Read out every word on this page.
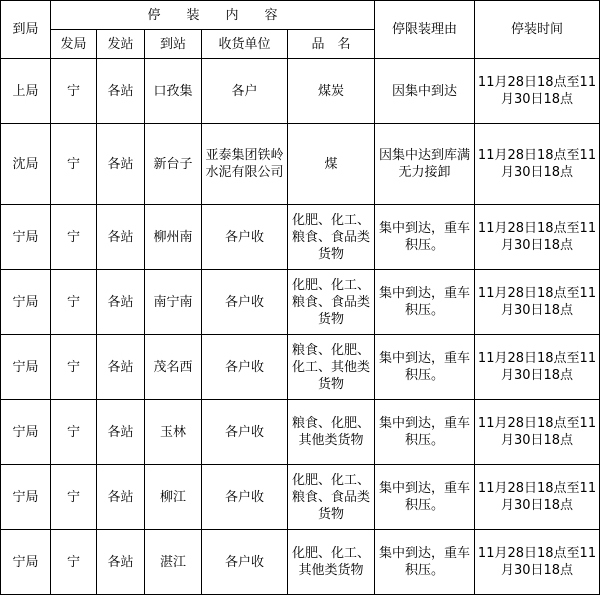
到局	停　　装　　内　　容					停限装理由	停装时间
	发局	发站	到站	收货单位	品　名		
上局	宁	各站	口孜集	各户	煤炭	因集中到达	11月28日18点至11月30日18点
沈局	宁	各站	新台子	亚泰集团铁岭水泥有限公司	煤	因集中达到库满无力接卸	11月28日18点至11月30日18点
宁局	宁	各站	柳州南	各户收	化肥、化工、粮食、食品类货物	集中到达，重车积压。	11月28日18点至11月30日18点
宁局	宁	各站	南宁南	各户收	化肥、化工、粮食、食品类货物	集中到达，重车积压。	11月28日18点至11月30日18点
宁局	宁	各站	茂名西	各户收	粮食、化肥、化工、其他类货物	集中到达，重车积压。	11月28日18点至11月30日18点
宁局	宁	各站	玉林	各户收	粮食、化肥、其他类货物	集中到达，重车积压。	11月28日18点至11月30日18点
宁局	宁	各站	柳江	各户收	化肥、化工、粮食、食品类货物	集中到达，重车积压。	11月28日18点至11月30日18点
宁局	宁	各站	湛江	各户收	化肥、化工、其他类货物	集中到达，重车积压。	11月28日18点至11月30日18点
